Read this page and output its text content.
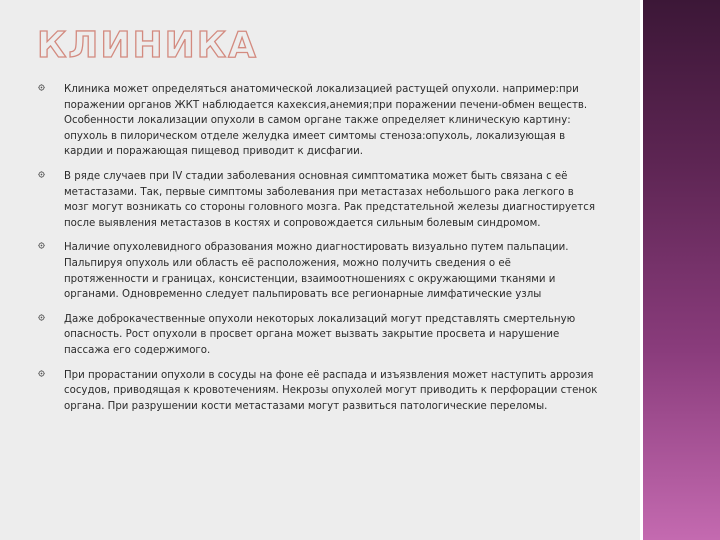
КЛИНИКА
Клиника может определяться анатомической локализацией растущей опухоли. например:при поражении органов ЖКТ наблюдается кахексия,анемия;при поражении печени-обмен веществ. Особенности локализации опухоли в самом органе также определяет клиническую картину: опухоль в пилорическом отделе желудка имеет симтомы стеноза:опухоль, локализующая в кардии и поражающая пищевод приводит к дисфагии.
В ряде случаев при IV стадии заболевания основная симптоматика может быть связана с её метастазами. Так, первые симптомы заболевания при метастазах небольшого рака легкого в мозг могут возникать со стороны головного мозга. Рак предстательной железы диагностируется после выявления метастазов в костях и сопровождается сильным болевым синдромом.
Наличие опухолевидного образования можно диагностировать визуально путем пальпации. Пальпируя опухоль или область её расположения, можно получить сведения о её протяженности и границах, консистенции, взаимоотношениях с окружающими тканями и органами. Одновременно следует пальпировать все регионарные лимфатические узлы
Даже доброкачественные опухоли некоторых локализаций могут представлять смертельную опасность. Рост опухоли в просвет органа может вызвать закрытие просвета и нарушение пассажа его содержимого.
При прорастании опухоли в сосуды на фоне её распада и изъязвления может наступить аррозия сосудов, приводящая к кровотечениям. Некрозы опухолей могут приводить к перфорации стенок органа. При разрушении кости метастазами могут развиться патологические переломы.
